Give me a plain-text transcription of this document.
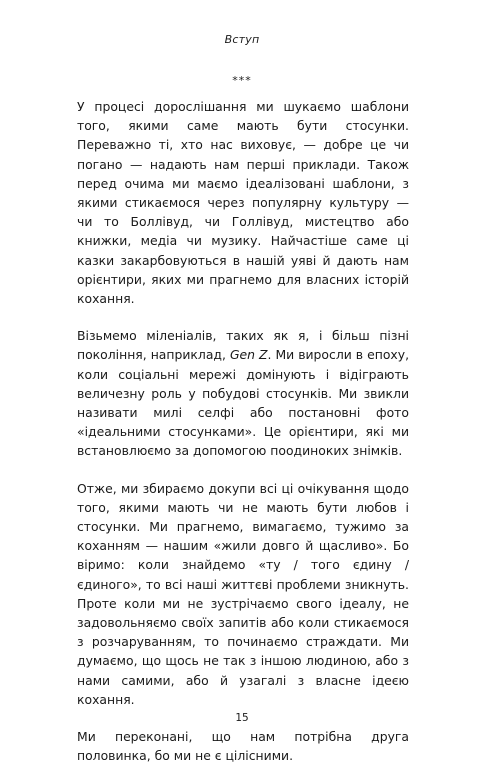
Вступ
***

У процесі дорослішання ми шукаємо шаблони того, якими саме мають бути стосунки. Переважно ті, хто нас виховує, — добре це чи погано — надають нам перші приклади. Також перед очима ми маємо ідеалізовані шаблони, з якими стикаємося через популярну культуру — чи то Боллівуд, чи Голлівуд, мистецтво або книжки, медіа чи музику. Найчастіше саме ці казки закарбовуються в нашій уяві й дають нам орієнтири, яких ми прагнемо для власних історій кохання.

Візьмемо міленіалів, таких як я, і більш пізні покоління, наприклад, Gen Z. Ми виросли в епоху, коли соціальні мережі домінують і відіграють величезну роль у побудові стосунків. Ми звикли називати милі селфі або постановні фото «ідеальними стосунками». Це орієнтири, які ми встановлюємо за допомогою поодиноких знімків.

Отже, ми збираємо докупи всі ці очікування щодо того, якими мають чи не мають бути любов і стосунки. Ми прагнемо, вимагаємо, тужимо за коханням — нашим «жили довго й щасливо». Бо віримо: коли знайдемо «ту / того єдину / єдиного», то всі наші життєві проблеми зникнуть. Проте коли ми не зустрічаємо свого ідеалу, не задовольняємо своїх запитів або коли стикаємося з розчаруванням, то починаємо страждати. Ми думаємо, що щось не так з іншою людиною, або з нами самими, або й узагалі з власне ідеєю кохання.

Ми переконані, що нам потрібна друга половинка, бо ми не є цілісними.

15
